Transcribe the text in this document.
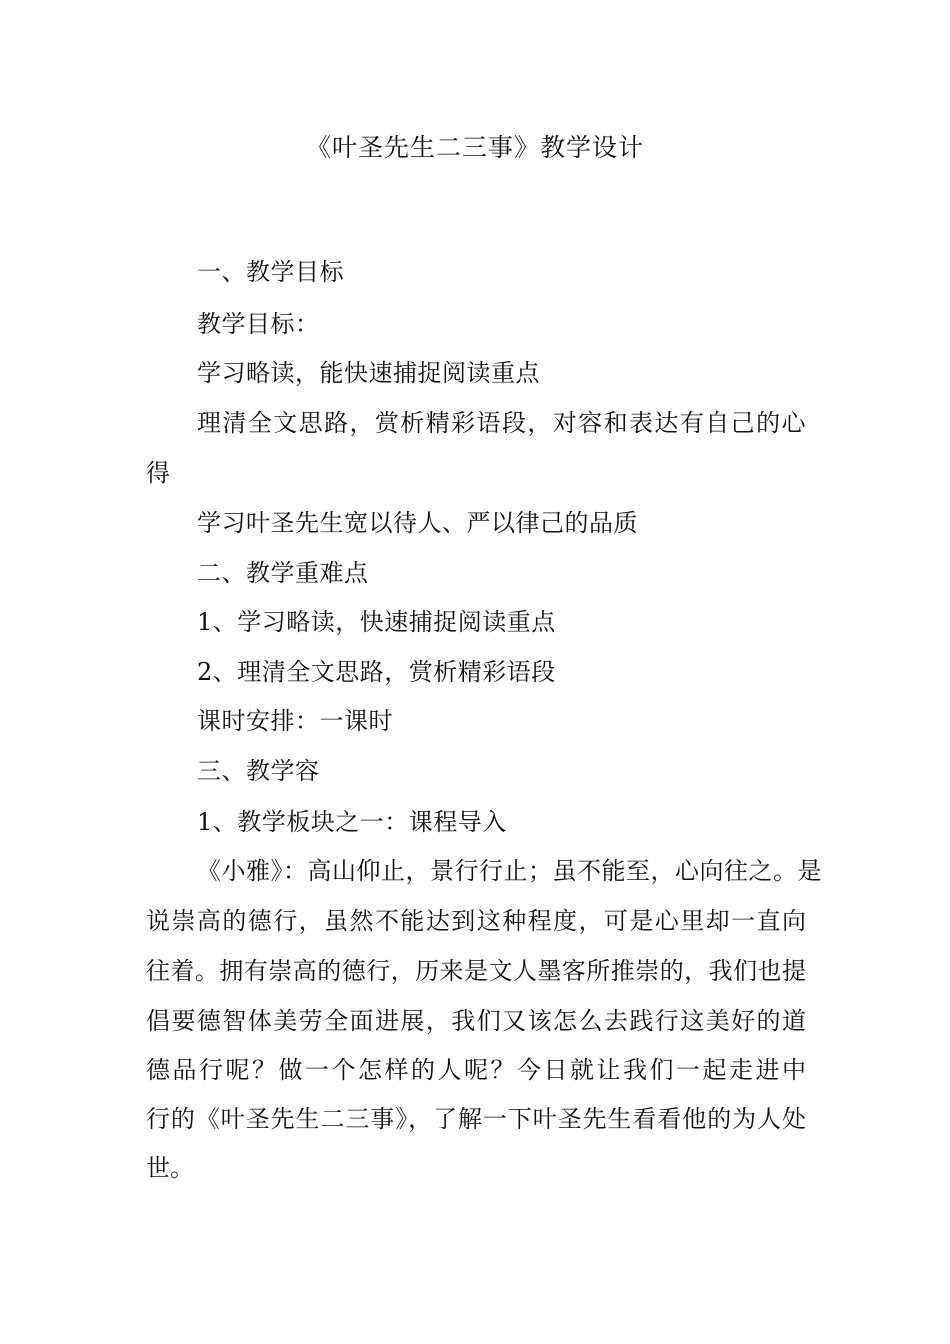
《叶圣先生二三事》教学设计
一、教学目标
教学目标：
学习略读，能快速捕捉阅读重点
理清全文思路，赏析精彩语段，对容和表达有自己的心
得
学习叶圣先生宽以待人、严以律己的品质
二、教学重难点
1、学习略读，快速捕捉阅读重点
2、理清全文思路，赏析精彩语段
课时安排：一课时
三、教学容
1、教学板块之一：课程导入
《小雅》：高山仰止，景行行止；虽不能至，心向往之。是
说崇高的德行，虽然不能达到这种程度，可是心里却一直向
往着。拥有崇高的德行，历来是文人墨客所推崇的，我们也提
倡要德智体美劳全面进展，我们又该怎么去践行这美好的道
德品行呢？做一个怎样的人呢？今日就让我们一起走进中
行的《叶圣先生二三事》，了解一下叶圣先生看看他的为人处
世。
